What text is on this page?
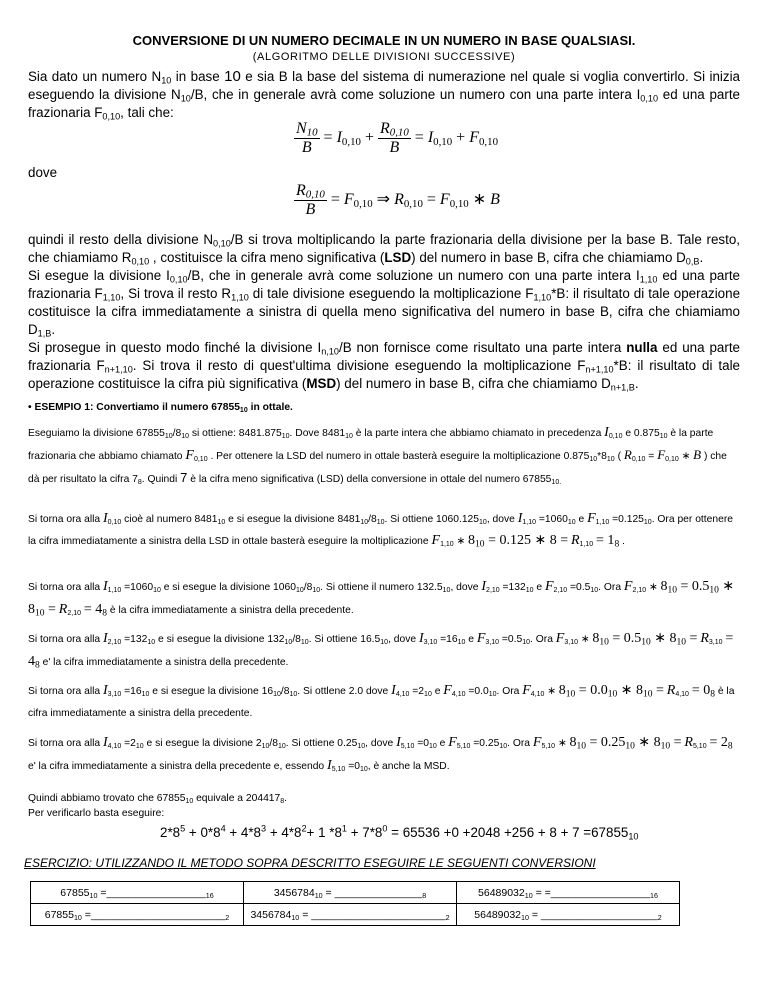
CONVERSIONE DI UN NUMERO DECIMALE IN UN NUMERO IN BASE QUALSIASI.
(ALGORITMO DELLE DIVISIONI SUCCESSIVE)
Sia dato un numero $N_{10}$ in base 10 e sia B la base del sistema di numerazione nel quale si voglia convertirlo. Si inizia eseguendo la divisione $N_{10}/B$, che in generale avrà come soluzione un numero con una parte intera $I_{0,10}$ ed una parte frazionaria $F_{0,10}$, tali che:
$\frac{N_{10}}{B} = I_{0,10} + \frac{R_{0,10}}{B} = I_{0,10} + F_{0,10}$
dove
$\frac{R_{0,10}}{B} = F_{0,10}$ ⇒ $R_{0,10} = F_{0,10}$ ∗ B
quindi il resto della divisione $N_{0,10}/B$ si trova moltiplicando la parte frazionaria della divisione per la base B. Tale resto, che chiamiamo $R_{0,10}$ , costituisce la cifra meno significativa (LSD) del numero in base B, cifra che chiamiamo $D_{0,B}$.
Si esegue la divisione $I_{0,10}/B$, che in generale avrà come soluzione un numero con una parte intera $I_{1,10}$ ed una parte frazionaria $F_{1,10}$, Si trova il resto $R_{1,10}$ di tale divisione eseguendo la moltiplicazione $F_{1,10}*B$: il risultato di tale operazione costituisce la cifra immediatamente a sinistra di quella meno significativa del numero in base B, cifra che chiamiamo $D_{1,B}$.
Si prosegue in questo modo finché la divisione $I_{n,10}/B$ non fornisce come risultato una parte intera nulla ed una parte frazionaria $F_{n+1,10}$. Si trova il resto di quest'ultima divisione eseguendo la moltiplicazione $F_{n+1,10}*B$: il risultato di tale operazione costituisce la cifra più significativa (MSD) del numero in base B, cifra che chiamiamo $D_{n+1,B}$.
• ESEMPIO 1: Convertiamo il numero $67855_{10}$ in ottale.
Eseguiamo la divisione $67855_{10}/8_{10}$ si ottiene: $8481.875_{10}$. Dove $8481_{10}$ è la parte intera che abbiamo chiamato in precedenza $I_{0,10}$ e $0.875_{10}$ è la parte frazionaria che abbiamo chiamato $F_{0,10}$ . Per ottenere la LSD del numero in ottale basterà eseguire la moltiplicazione $0.875_{10}*8_{10}$ ( $R_{0,10} = F_{0,10}$ ∗ B ) che dà per risultato la cifra $7_8$. Quindi 7 è la cifra meno significativa (LSD) della conversione in ottale del numero $67855_{10.}$
Si torna ora alla $I_{0,10}$ cioè al numero $8481_{10}$ e si esegue la divisione $8481_{10}/8_{10}$. Si ottiene $1060.125_{10}$, dove $I_{1,10} =1060_{10}$ e $F_{1,10} =0.125_{10}$. Ora per ottenere la cifra immediatamente a sinistra della LSD in ottale basterà eseguire la moltiplicazione $F_{1,10}$ ∗ $8_{10} = 0.125$ ∗ $8 = R_{1,10} = 1_8$ .
Si torna ora alla $I_{1,10} =1060_{10}$ e si esegue la divisione $1060_{10}/8_{10}$. Si ottiene il numero $132.5_{10}$, dove $I_{2,10} =132_{10}$ e $F_{2,10} =0.5_{10}$. Ora $F_{2,10}$ ∗ $8_{10} = 0.5_{10}$ ∗ $8_{10} = R_{2,10} = 4_8$ è la cifra immediatamente a sinistra della precedente.
Si torna ora alla $I_{2,10} =132_{10}$ e si esegue la divisione $132_{10}/8_{10}$. Si ottiene $16.5_{10}$, dove $I_{3,10} =16_{10}$ e $F_{3,10} =0.5_{10}$. Ora $F_{3,10}$ ∗ $8_{10} = 0.5_{10}$ ∗ $8_{10} = R_{3,10} = 4_8$ e' la cifra immediatamente a sinistra della precedente.
Si torna ora alla $I_{3,10} =16_{10}$ e si esegue la divisione $16_{10}/8_{10}$. Si ottlene 2.0 dove $I_{4,10} =2_{10}$ e $F_{4,10} =0.0_{10}$. Ora $F_{4,10}$ ∗ $8_{10} = 0.0_{10}$ ∗ $8_{10} = R_{4,10} = 0_8$ è la cifra immediatamente a sinistra della precedente.
Si torna ora alla $I_{4,10} =2_{10}$ e si esegue la divisione $2_{10}/8_{10}$. Si ottiene $0.25_{10}$, dove $I_{5,10} =0_{10}$ e $F_{5,10} =0.25_{10}$. Ora $F_{5,10}$ ∗ $8_{10} = 0.25_{10}$ ∗ $8_{10} = R_{5,10} = 2_8$ e' la cifra immediatamente a sinistra della precedente e, essendo $I_{5,10} =0_{10}$, è anche la MSD.
Quindi abbiamo trovato che $67855_{10}$ equivale a $204417_8$.
Per verificarlo basta eseguire:
$2*8^5 + 0*8^4 + 4*8^3 + 4*8^2+ 1$ $*8^1 + 7*8^0 = 65536 +0 +2048 +256 + 8 + 7 =67855_{10}$
ESERCIZIO: UTILIZZANDO IL METODO SOPRA DESCRITTO ESEGUIRE LE SEGUENTI CONVERSIONI
$67855_{10}$ $=\_\_\_\_\_\_\_\_\_\_\_\_\_\_\_\_\__{16}$	$3456784_{10}$ = $\_\_\_\_\_\_\_\_\_\_\_\_\_\_\__8$	$56489032_{10}$ = $=\_\_\_\_\_\_\_\_\_\_\_\_\_\_\_\_\__{16}$
$67855_{10}$ $=\_\_\_\_\_\_\_\_\_\_\_\_\_\_\_\_\_\_\_\_\_\_\__2$	$3456784_{10}$ = $\_\_\_\_\_\_\_\_\_\_\_\_\_\_\_\_\_\_\_\_\_\_\__2$	$56489032_{10}$ = $\_\_\_\_\_\_\_\_\_\_\_\_\_\_\_\_\_\_\_\__2$
